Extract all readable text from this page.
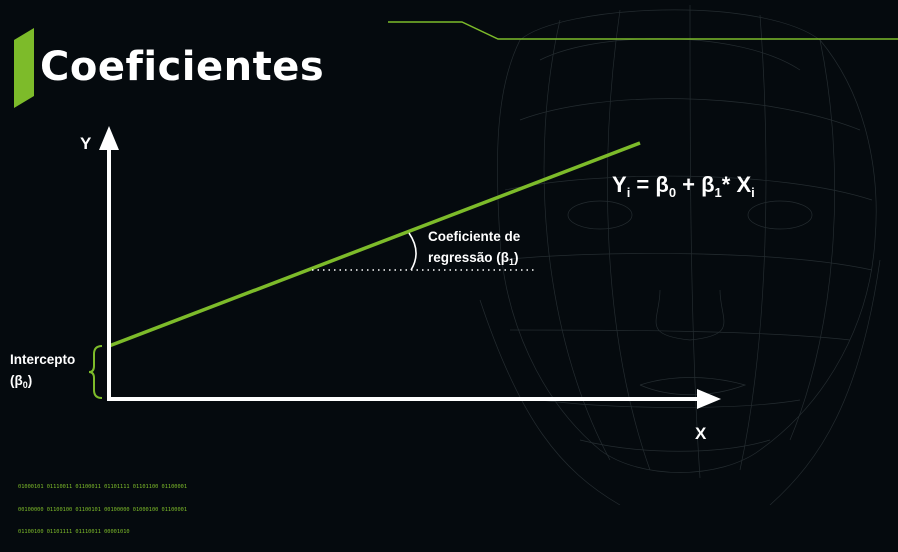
Coeficientes
Y
X
$Y_i = \beta_0 + \beta_1*$ $X_i$
Coeficiente de
regressão $(\beta_1)$
Intercepto
$(\beta_0)$

01000101 01110011 01100011 01101111 01101100 01100001

00100000 01100100 01100101 00100000 01000100 01100001

01100100 01101111 01110011 00001010
